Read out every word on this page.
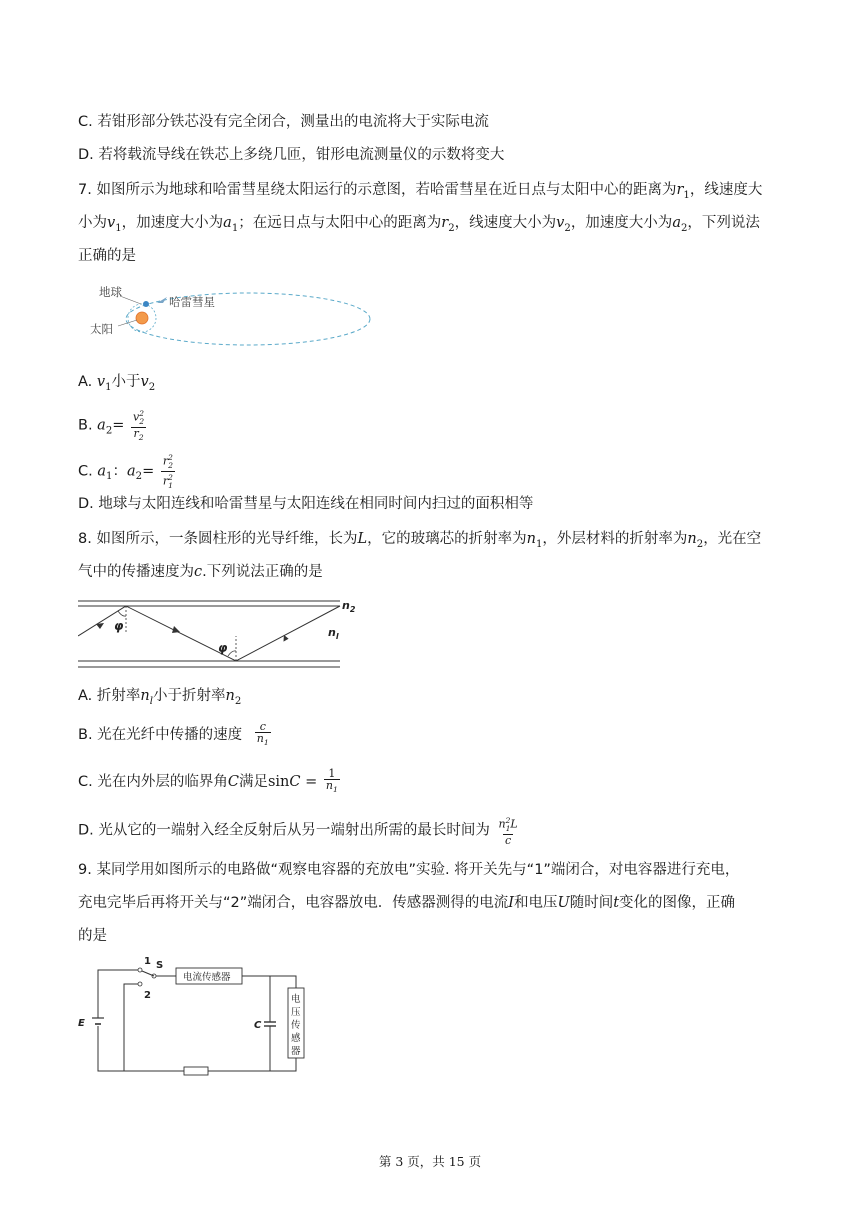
C. 若钳形部分铁芯没有完全闭合，测量出的电流将大于实际电流
D. 若将载流导线在铁芯上多绕几匝，钳形电流测量仪的示数将变大
7. 如图所示为地球和哈雷彗星绕太阳运行的示意图，若哈雷彗星在近日点与太阳中心的距离为$r_1$，线速度大
小为$v_1$，加速度大小为$a_1$；在远日点与太阳中心的距离为$r_2$，线速度大小为$v_2$，加速度大小为$a_2$，下列说法
正确的是
地球
哈雷彗星
太阳
A. $v_1$小于$v_2$
B. $a_2= \frac{v_2^2}{r_2}$
C. $a_1$：$a_2= \frac{r_2^2}{r_1^2}$
D. 地球与太阳连线和哈雷彗星与太阳连线在相同时间内扫过的面积相等
8. 如图所示，一条圆柱形的光导纤维，长为L，它的玻璃芯的折射率为$n_1$，外层材料的折射率为$n_2$，光在空
气中的传播速度为c.下列说法正确的是
φ
φ
$n_2$
$n_l$
A. 折射率$n_l$小于折射率$n_2$
B. 光在光纤中传播的速度 $\frac{c}{n_1}$
C. 光在内外层的临界角C满足$\sin C = \frac{1}{n_1}$
D. 光从它的一端射入经全反射后从另一端射出所需的最长时间为 $\frac{n_1^2L}{c}$
9. 某同学用如图所示的电路做“观察电容器的充放电”实验. 将开关先与“1”端闭合，对电容器进行充电，
充电完毕后再将开关与“2”端闭合，电容器放电．传感器测得的电流I和电压U随时间t变化的图像，正确
的是
电流传感器
电
压
传
感
器
1
2
S
E	C
第 3 页，共 15 页
